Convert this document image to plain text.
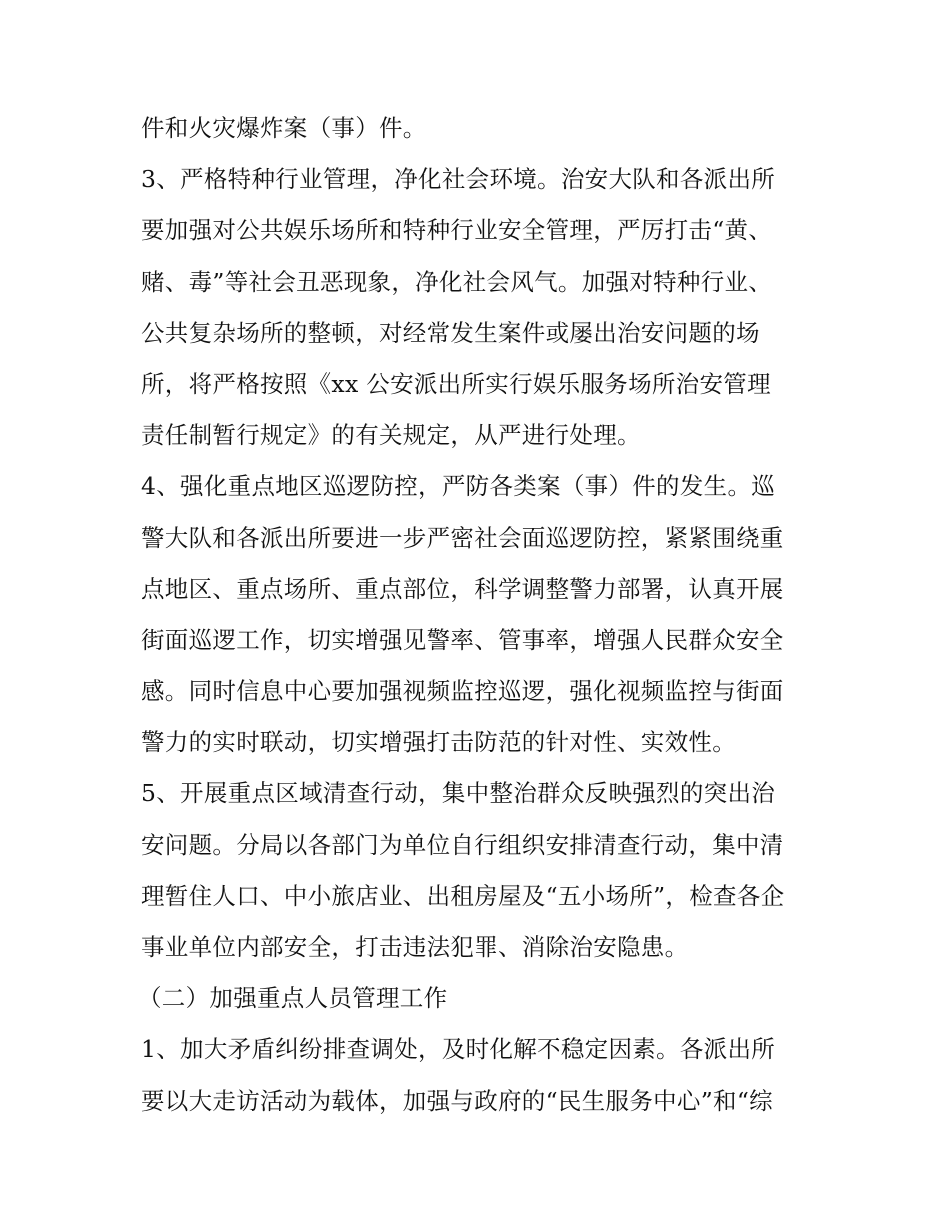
件和火灾爆炸案（事）件。
3、严格特种行业管理，净化社会环境。治安大队和各派出所
要加强对公共娱乐场所和特种行业安全管理，严厉打击“黄、
赌、毒”等社会丑恶现象，净化社会风气。加强对特种行业、
公共复杂场所的整顿，对经常发生案件或屡出治安问题的场
所，将严格按照《xx 公安派出所实行娱乐服务场所治安管理
责任制暂行规定》的有关规定，从严进行处理。
4、强化重点地区巡逻防控，严防各类案（事）件的发生。巡
警大队和各派出所要进一步严密社会面巡逻防控，紧紧围绕重
点地区、重点场所、重点部位，科学调整警力部署，认真开展
街面巡逻工作，切实增强见警率、管事率，增强人民群众安全
感。同时信息中心要加强视频监控巡逻，强化视频监控与街面
警力的实时联动，切实增强打击防范的针对性、实效性。
5、开展重点区域清查行动，集中整治群众反映强烈的突出治
安问题。分局以各部门为单位自行组织安排清查行动，集中清
理暂住人口、中小旅店业、出租房屋及“五小场所”，检查各企
事业单位内部安全，打击违法犯罪、消除治安隐患。
（二）加强重点人员管理工作
1、加大矛盾纠纷排查调处，及时化解不稳定因素。各派出所
要以大走访活动为载体，加强与政府的“民生服务中心”和“综
